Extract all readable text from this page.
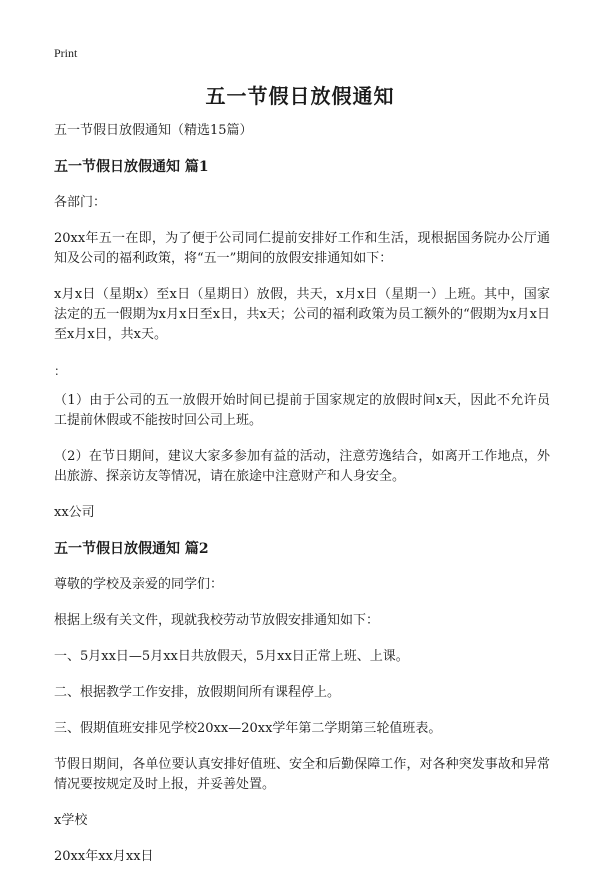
Print
五一节假日放假通知

五一节假日放假通知（精选15篇）

五一节假日放假通知 篇1

各部门：

20xx年五一在即，为了便于公司同仁提前安排好工作和生活，现根据国务院办公厅通知及公司的福利政策，将“五一”期间的放假安排通知如下：

x月x日（星期x）至x日（星期日）放假，共天，x月x日（星期一）上班。其中，国家法定的五一假期为x月x日至x日，共x天；公司的福利政策为员工额外的“假期为x月x日至x月x日，共x天。

：

（1）由于公司的五一放假开始时间已提前于国家规定的放假时间x天，因此不允许员工提前休假或不能按时回公司上班。

（2）在节日期间，建议大家多参加有益的活动，注意劳逸结合，如离开工作地点，外出旅游、探亲访友等情况，请在旅途中注意财产和人身安全。

xx公司

五一节假日放假通知 篇2

尊敬的学校及亲爱的同学们：

根据上级有关文件，现就我校劳动节放假安排通知如下：

一、5月xx日—5月xx日共放假天，5月xx日正常上班、上课。

二、根据教学工作安排，放假期间所有课程停上。

三、假期值班安排见学校20xx—20xx学年第二学期第三轮值班表。

节假日期间，各单位要认真安排好值班、安全和后勤保障工作，对各种突发事故和异常情况要按规定及时上报，并妥善处置。

x学校

20xx年xx月xx日
